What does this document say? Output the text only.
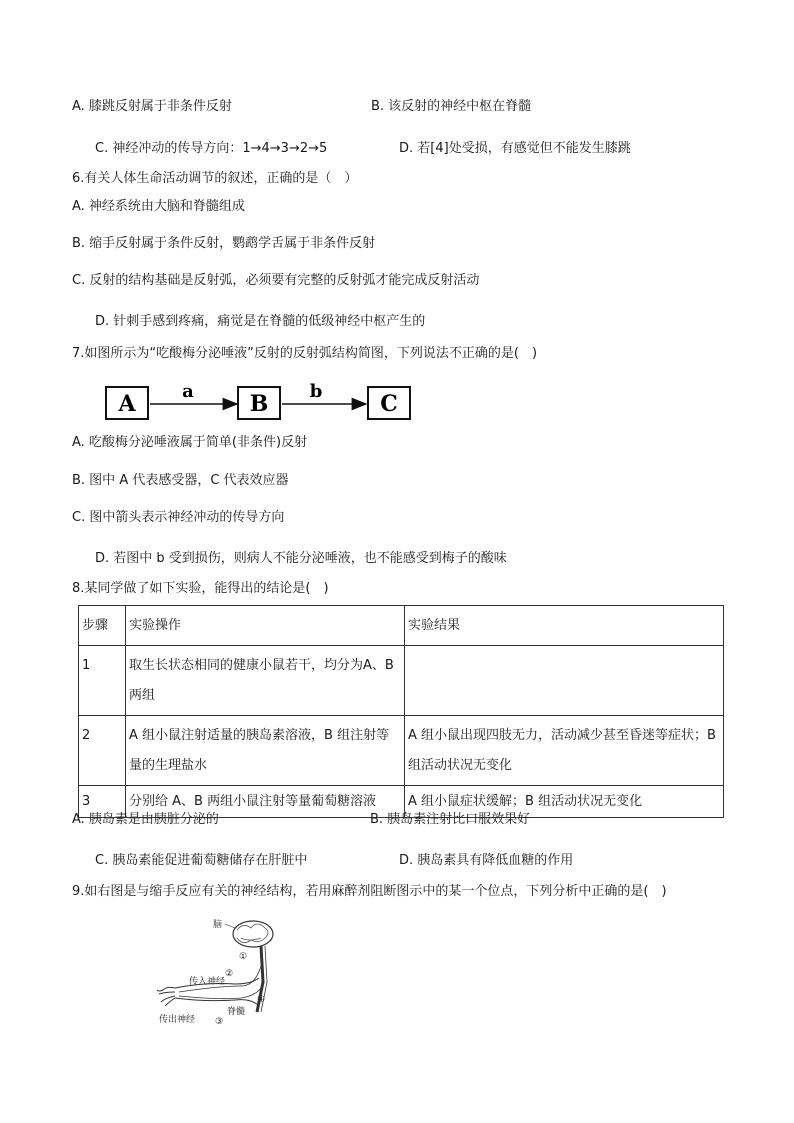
A. 膝跳反射属于非条件反射	B. 该反射的神经中枢在脊髓
C. 神经冲动的传导方向：1→4→3→2→5	D. 若[4]处受损，有感觉但不能发生膝跳
6.有关人体生命活动调节的叙述，正确的是（　）
A. 神经系统由大脑和脊髓组成
B. 缩手反射属于条件反射，鹦鹉学舌属于非条件反射
C. 反射的结构基础是反射弧，必须要有完整的反射弧才能完成反射活动
D. 针刺手感到疼痛，痛觉是在脊髓的低级神经中枢产生的
7.如图所示为“吃酸梅分泌唾液”反射的反射弧结构简图，下列说法不正确的是(　)
A	a	B b	C
A. 吃酸梅分泌唾液属于简单(非条件)反射
B. 图中 A 代表感受器，C 代表效应器
C. 图中箭头表示神经冲动的传导方向
D. 若图中 b 受到损伤，则病人不能分泌唾液，也不能感受到梅子的酸味
8.某同学做了如下实验，能得出的结论是(　)
步骤	实验操作	实验结果
1	取生长状态相同的健康小鼠若干，均分为A、B 两组	
2	A 组小鼠注射适量的胰岛素溶液，B 组注射等量的生理盐水	A 组小鼠出现四肢无力，活动减少甚至昏迷等症状；B 组活动状况无变化
3	分别给 A、B 两组小鼠注射等量葡萄糖溶液	A 组小鼠症状缓解；B 组活动状况无变化
A. 胰岛素是由胰脏分泌的	B. 胰岛素注射比口服效果好
C. 胰岛素能促进葡萄糖储存在肝脏中	D. 胰岛素具有降低血糖的作用
9.如右图是与缩手反应有关的神经结构，若用麻醉剂阻断图示中的某一个位点，下列分析中正确的是(　)
脑
传入神经
传出神经
脊髓
①
②
④
③
